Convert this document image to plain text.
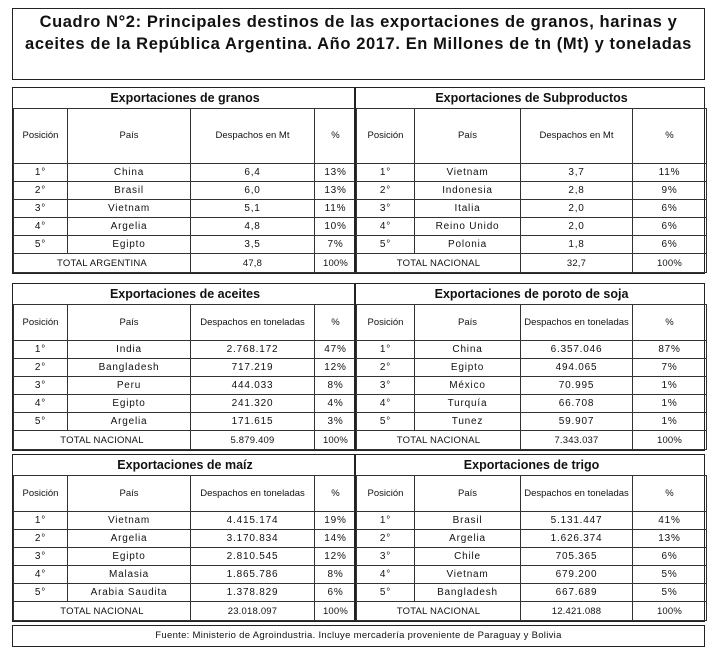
Cuadro N°2: Principales destinos de las exportaciones de granos, harinas y aceites de la República Argentina. Año 2017. En Millones de tn (Mt) y toneladas
Exportaciones de granos			
Posición	País	Despachos en Mt	%
1°	China	6,4	13%
2°	Brasil	6,0	13%
3°	Vietnam	5,1	11%
4°	Argelia	4,8	10%
5°	Egipto	3,5	7%
TOTAL ARGENTINA		47,8	100%
Exportaciones de Subproductos			
Posición	País	Despachos en Mt	%
1°	Vietnam	3,7	11%
2°	Indonesia	2,8	9%
3°	Italia	2,0	6%
4°	Reino Unido	2,0	6%
5°	Polonia	1,8	6%
TOTAL NACIONAL		32,7	100%
Exportaciones de aceites			
Posición	País	Despachos en toneladas	%
1°	India	2.768.172	47%
2°	Bangladesh	717.219	12%
3°	Peru	444.033	8%
4°	Egipto	241.320	4%
5°	Argelia	171.615	3%
TOTAL NACIONAL		5.879.409	100%
Exportaciones de poroto de soja			
Posición	País	Despachos en toneladas	%
1°	China	6.357.046	87%
2°	Egipto	494.065	7%
3°	México	70.995	1%
4°	Turquía	66.708	1%
5°	Tunez	59.907	1%
TOTAL NACIONAL		7.343.037	100%
Exportaciones de maíz			
Posición	País	Despachos en toneladas	%
1°	Vietnam	4.415.174	19%
2°	Argelia	3.170.834	14%
3°	Egipto	2.810.545	12%
4°	Malasia	1.865.786	8%
5°	Arabia Saudita	1.378.829	6%
TOTAL NACIONAL		23.018.097	100%
Exportaciones de trigo			
Posición	País	Despachos en toneladas	%
1°	Brasil	5.131.447	41%
2°	Argelia	1.626.374	13%
3°	Chile	705.365	6%
4°	Vietnam	679.200	5%
5°	Bangladesh	667.689	5%
TOTAL NACIONAL		12.421.088	100%
Fuente: Ministerio de Agroindustria. Incluye mercadería proveniente de Paraguay y Bolivia
